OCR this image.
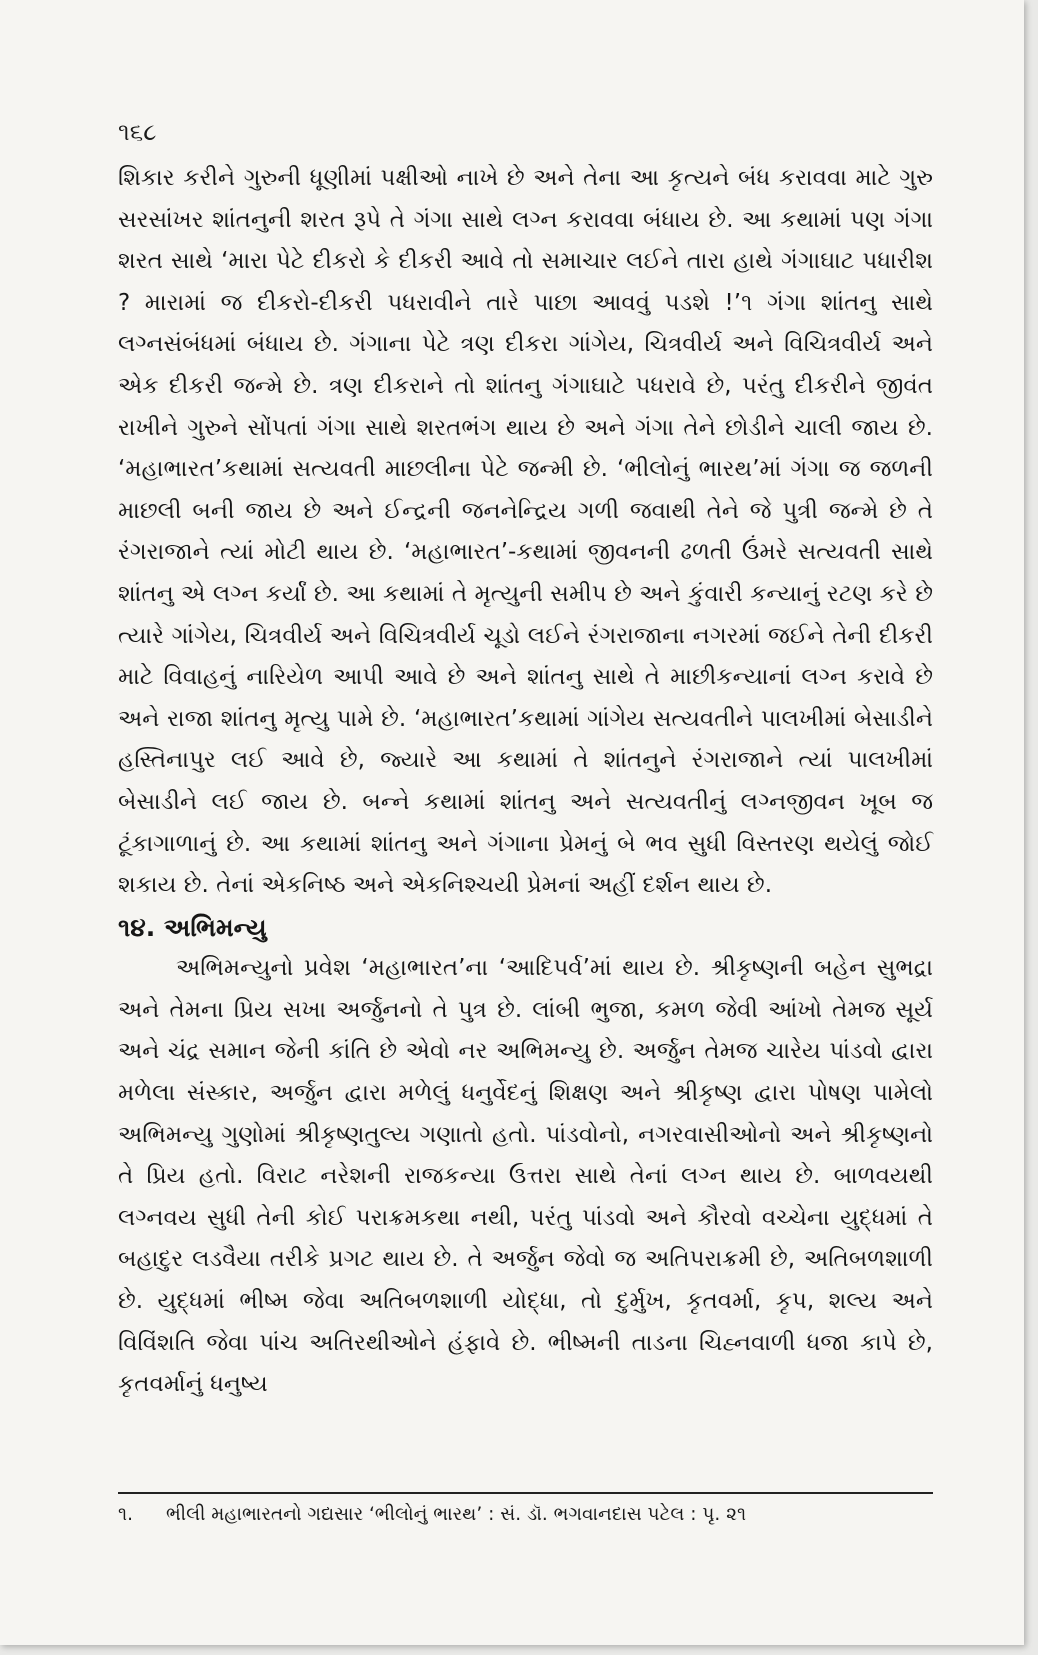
૧૬૮

શિકાર કરીને ગુરુની ધૂણીમાં પક્ષીઓ નાખે છે અને તેના આ કૃત્યને બંધ કરાવવા માટે ગુરુ સરસાંખર શાંતનુની શરત રૂપે તે ગંગા સાથે લગ્ન કરાવવા બંધાય છે. આ કથામાં પણ ગંગા શરત સાથે ‘મારા પેટે દીકરો કે દીકરી આવે તો સમાચાર લઈને તારા હાથે ગંગાઘાટ પધારીશ ? મારામાં જ દીકરો-દીકરી પધરાવીને તારે પાછા આવવું પડશે !’૧ ગંગા શાંતનુ સાથે લગ્નસંબંધમાં બંધાય છે. ગંગાના પેટે ત્રણ દીકરા ગાંગેય, ચિત્રવીર્ય અને વિચિત્રવીર્ય અને એક દીકરી જન્મે છે. ત્રણ દીકરાને તો શાંતનુ ગંગાઘાટે પધરાવે છે, પરંતુ દીકરીને જીવંત રાખીને ગુરુને સોંપતાં ગંગા સાથે શરતભંગ થાય છે અને ગંગા તેને છોડીને ચાલી જાય છે. ‘મહાભારત’કથામાં સત્યવતી માછલીના પેટે જન્મી છે. ‘ભીલોનું ભારથ’માં ગંગા જ જળની માછલી બની જાય છે અને ઈન્દ્રની જનનેન્દ્રિય ગળી જવાથી તેને જે પુત્રી જન્મે છે તે રંગરાજાને ત્યાં મોટી થાય છે. ‘મહાભારત’-કથામાં જીવનની ઢળતી ઉંમરે સત્યવતી સાથે શાંતનુ એ લગ્ન કર્યાં છે. આ કથામાં તે મૃત્યુની સમીપ છે અને કુંવારી કન્યાનું રટણ કરે છે ત્યારે ગાંગેય, ચિત્રવીર્ય અને વિચિત્રવીર્ય ચૂડો લઈને રંગરાજાના નગરમાં જઈને તેની દીકરી માટે વિવાહનું નારિયેળ આપી આવે છે અને શાંતનુ સાથે તે માછીકન્યાનાં લગ્ન કરાવે છે અને રાજા શાંતનુ મૃત્યુ પામે છે. ‘મહાભારત’કથામાં ગાંગેય સત્યવતીને પાલખીમાં બેસાડીને હસ્તિનાપુર લઈ આવે છે, જ્યારે આ કથામાં તે શાંતનુને રંગરાજાને ત્યાં પાલખીમાં બેસાડીને લઈ જાય છે. બન્ને કથામાં શાંતનુ અને સત્યવતીનું લગ્નજીવન ખૂબ જ ટૂંકાગાળાનું છે. આ કથામાં શાંતનુ અને ગંગાના પ્રેમનું બે ભવ સુધી વિસ્તરણ થયેલું જોઈ શકાય છે. તેનાં એકનિષ્ઠ અને એકનિશ્ચયી પ્રેમનાં અહીં દર્શન થાય છે.

૧૪. અભિમન્યુ

અભિમન્યુનો પ્રવેશ ‘મહાભારત’ના ‘આદિપર્વ’માં થાય છે. શ્રીકૃષ્ણની બહેન સુભદ્રા અને તેમના પ્રિય સખા અર્જુનનો તે પુત્ર છે. લાંબી ભુજા, કમળ જેવી આંખો તેમજ સૂર્ય અને ચંદ્ર સમાન જેની કાંતિ છે એવો નર અભિમન્યુ છે. અર્જુન તેમજ ચારેય પાંડવો દ્વારા મળેલા સંસ્કાર, અર્જુન દ્વારા મળેલું ધનુર્વેદનું શિક્ષણ અને શ્રીકૃષ્ણ દ્વારા પોષણ પામેલો અભિમન્યુ ગુણોમાં શ્રીકૃષ્ણતુલ્ય ગણાતો હતો. પાંડવોનો, નગરવાસીઓનો અને શ્રીકૃષ્ણનો તે પ્રિય હતો. વિરાટ નરેશની રાજકન્યા ઉત્તરા સાથે તેનાં લગ્ન થાય છે. બાળવયથી લગ્નવય સુધી તેની કોઈ પરાક્રમકથા નથી, પરંતુ પાંડવો અને કૌરવો વચ્ચેના યુદ્ધમાં તે બહાદુર લડવૈયા તરીકે પ્રગટ થાય છે. તે અર્જુન જેવો જ અતિપરાક્રમી છે, અતિબળશાળી છે. યુદ્ધમાં ભીષ્મ જેવા અતિબળશાળી યોદ્ધા, તો દુર્મુખ, કૃતવર્મા, કૃપ, શલ્ય અને વિવિંશતિ જેવા પાંચ અતિરથીઓને હંફાવે છે. ભીષ્મની તાડના ચિહ્નવાળી ધજા કાપે છે, કૃતવર્માનું ધનુષ્ય

૧. ભીલી મહાભારતનો ગદ્યસાર ‘ભીલોનું ભારથ’ : સં. ડૉ. ભગવાનદાસ પટેલ : પૃ. ૨૧
